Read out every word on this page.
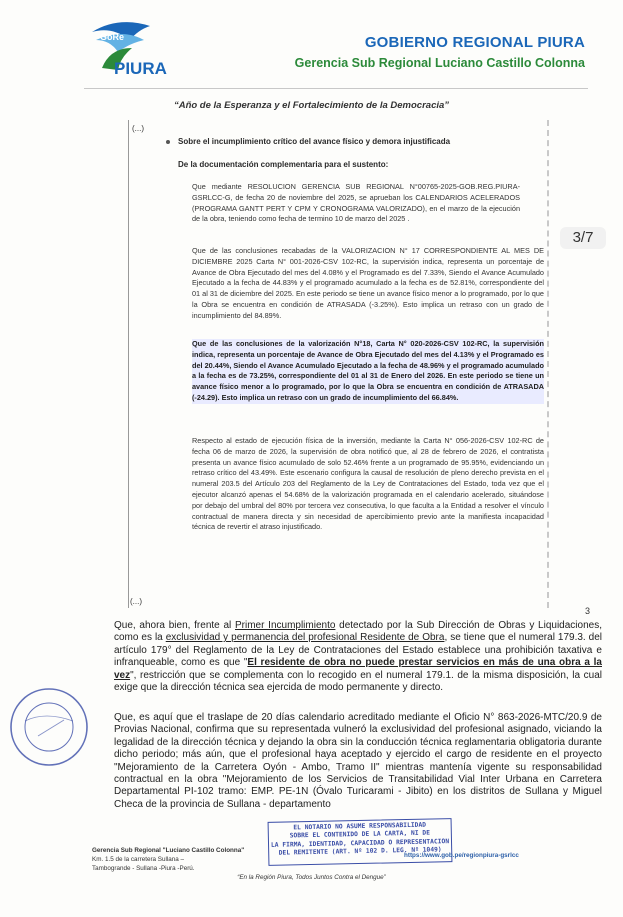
GoRe
PIURA
GOBIERNO REGIONAL PIURA
Gerencia Sub Regional Luciano Castillo Colonna
“Año de la Esperanza y el Fortalecimiento de la Democracia”
(...)
Sobre el incumplimiento crítico del avance físico y demora injustificada
De la documentación complementaria para el sustento:
Que mediante RESOLUCION GERENCIA SUB REGIONAL N°00765-2025-GOB.REG.PIURA-GSRLCC-G, de fecha 20 de noviembre del 2025, se aprueban los CALENDARIOS ACELERADOS (PROGRAMA GANTT PERT Y CPM Y CRONOGRAMA VALORIZADO), en el marzo de la ejecución de la obra, teniendo como fecha de termino 10 de marzo del 2025 .
Que de las conclusiones recabadas de la VALORIZACION N° 17 CORRESPONDIENTE AL MES DE DICIEMBRE 2025 Carta N° 001-2026-CSV 102-RC, la supervisión indica, representa un porcentaje de Avance de Obra Ejecutado del mes del 4.08% y el Programado es del 7.33%, Siendo el Avance Acumulado Ejecutado a la fecha de 44.83% y el programado acumulado a la fecha es de 52.81%, correspondiente del 01 al 31 de diciembre del 2025. En este periodo se tiene un avance físico menor a lo programado, por lo que la Obra se encuentra en condición de ATRASADA (-3.25%). Esto implica un retraso con un grado de incumplimiento del 84.89%.
Que de las conclusiones de la valorización N°18, Carta N° 020-2026-CSV 102-RC, la supervisión indica, representa un porcentaje de Avance de Obra Ejecutado del mes del 4.13% y el Programado es del 20.44%, Siendo el Avance Acumulado Ejecutado a la fecha de 48.96% y el programado acumulado a la fecha es de 73.25%, correspondiente del 01 al 31 de Enero del 2026. En este periodo se tiene un avance físico menor a lo programado, por lo que la Obra se encuentra en condición de ATRASADA (-24.29). Esto implica un retraso con un grado de incumplimiento del 66.84%.
Respecto al estado de ejecución física de la inversión, mediante la Carta N° 056-2026-CSV 102-RC de fecha 06 de marzo de 2026, la supervisión de obra notificó que, al 28 de febrero de 2026, el contratista presenta un avance físico acumulado de solo 52.46% frente a un programado de 95.95%, evidenciando un retraso crítico del 43.49%. Este escenario configura la causal de resolución de pleno derecho prevista en el numeral 203.5 del Artículo 203 del Reglamento de la Ley de Contrataciones del Estado, toda vez que el ejecutor alcanzó apenas el 54.68% de la valorización programada en el calendario acelerado, situándose por debajo del umbral del 80% por tercera vez consecutiva, lo que faculta a la Entidad a resolver el vínculo contractual de manera directa y sin necesidad de apercibimiento previo ante la manifiesta incapacidad técnica de revertir el atraso injustificado.
(...)
3/7
3
Que, ahora bien, frente al Primer Incumplimiento detectado por la Sub Dirección de Obras y Liquidaciones, como es la exclusividad y permanencia del profesional Residente de Obra, se tiene que el numeral 179.3. del artículo 179° del Reglamento de la Ley de Contrataciones del Estado establece una prohibición taxativa e infranqueable, como es que "El residente de obra no puede prestar servicios en más de una obra a la vez", restricción que se complementa con lo recogido en el numeral 179.1. de la misma disposición, la cual exige que la dirección técnica sea ejercida de modo permanente y directo.
Que, es aquí que el traslape de 20 días calendario acreditado mediante el Oficio N° 863-2026-MTC/20.9 de Provias Nacional, confirma que su representada vulneró la exclusividad del profesional asignado, viciando la legalidad de la dirección técnica y dejando la obra sin la conducción técnica reglamentaria obligatoria durante dicho periodo; más aún, que el profesional haya aceptado y ejercido el cargo de residente en el proyecto "Mejoramiento de la Carretera Oyón - Ambo, Tramo II" mientras mantenía vigente su responsabilidad contractual en la obra "Mejoramiento de los Servicios de Transitabilidad Vial Inter Urbana en Carretera Departamental PI-102 tramo: EMP. PE-1N (Óvalo Turicarami - Jibito) en los distritos de Sullana y Miguel Checa de la provincia de Sullana - departamento
EL NOTARIO NO ASUME RESPONSABILIDAD
SOBRE EL CONTENIDO DE LA CARTA, NI DE
LA FIRMA, IDENTIDAD, CAPACIDAD O REPRESENTACION
DEL REMITENTE (ART. Nº 102 D. LEG. Nº 1049)
Gerencia Sub Regional "Luciano Castillo Colonna"
Km. 1.5 de la carretera Sullana –
Tambogrande - Sullana -Piura -Perú.
https://www.gob.pe/regionpiura-gsrlcc
“En la Región Piura, Todos Juntos Contra el Dengue”
